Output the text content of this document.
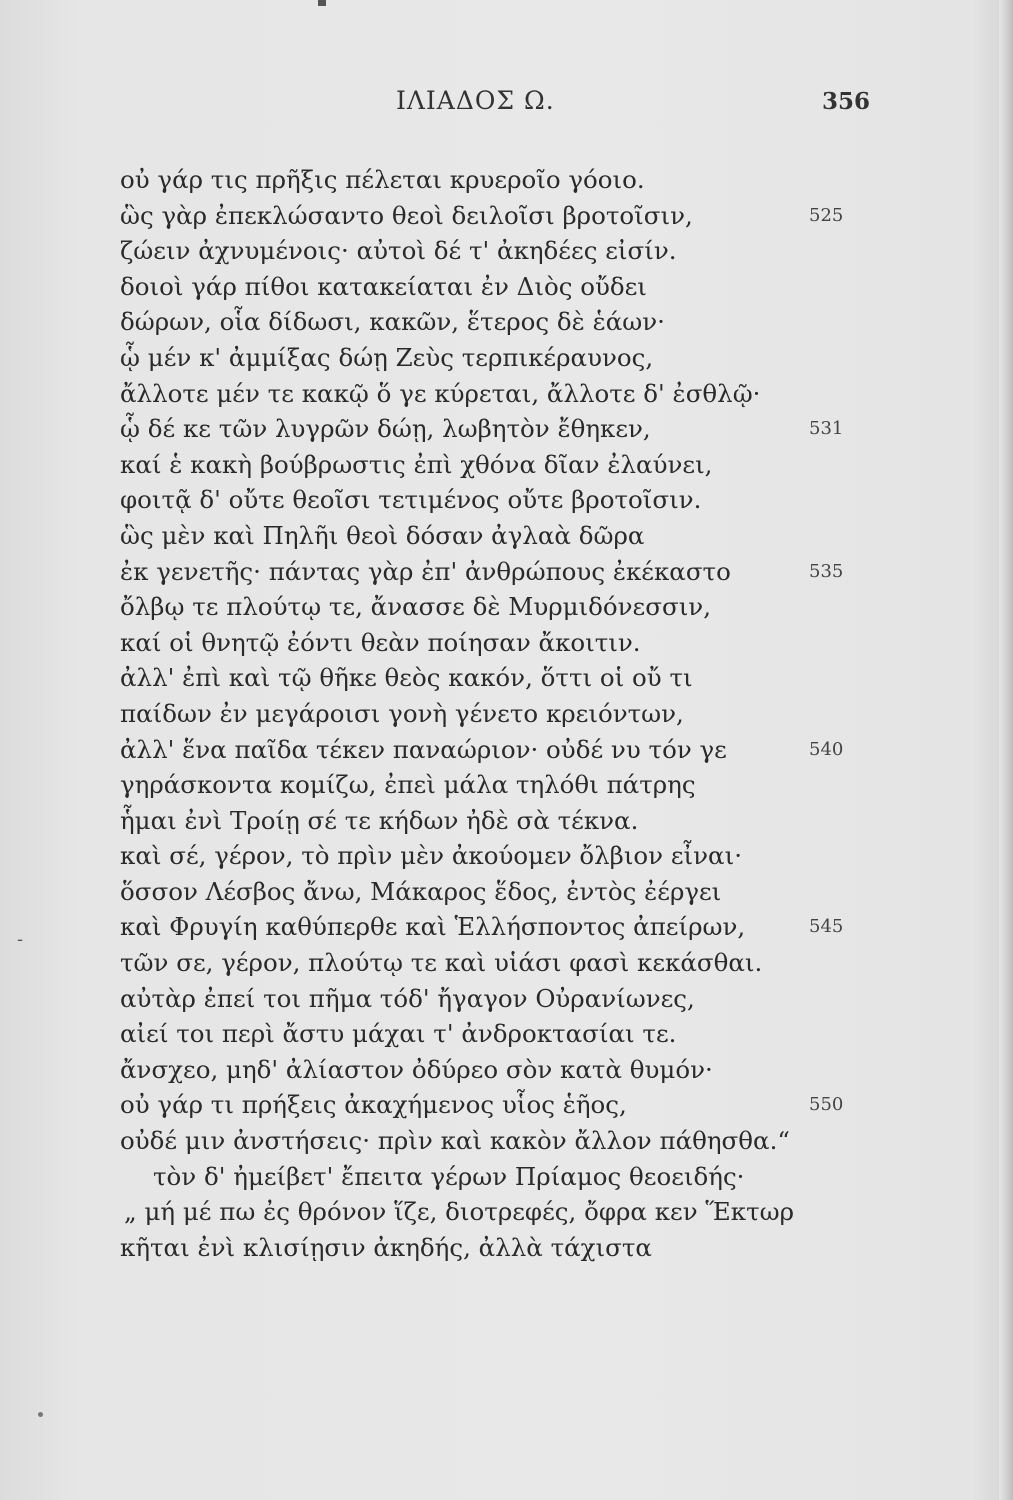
ΙΛΙΑΔΟΣ Ω.	356
οὐ γάρ τις πρῆξις πέλεται κρυεροῖο γόοιο.
ὣς γὰρ ἐπεκλώσαντο θεοὶ δειλοῖσι βροτοῖσιν,	525
ζώειν ἀχνυμένοις· αὐτοὶ δέ τ' ἀκηδέες εἰσίν.
δοιοὶ γάρ πίθοι κατακείαται ἐν Διὸς οὔδει
δώρων, οἷα δίδωσι, κακῶν, ἕτερος δὲ ἑάων·
ᾧ μέν κ' ἀμμίξας δώῃ Ζεὺς τερπικέραυνος,
ἄλλοτε μέν τε κακῷ ὅ γε κύρεται, ἄλλοτε δ' ἐσθλῷ·
ᾧ δέ κε τῶν λυγρῶν δώῃ, λωβητὸν ἔθηκεν,	531
καί ἑ κακὴ βούβρωστις ἐπὶ χθόνα δῖαν ἐλαύνει,
φοιτᾷ δ' οὔτε θεοῖσι τετιμένος οὔτε βροτοῖσιν.
ὣς μὲν καὶ Πηλῆι θεοὶ δόσαν ἀγλαὰ δῶρα
ἐκ γενετῆς· πάντας γὰρ ἐπ' ἀνθρώπους ἐκέκαστο	535
ὄλβῳ τε πλούτῳ τε, ἄνασσε δὲ Μυρμιδόνεσσιν,
καί οἱ θνητῷ ἐόντι θεὰν ποίησαν ἄκοιτιν.
ἀλλ' ἐπὶ καὶ τῷ θῆκε θεὸς κακόν, ὅττι οἱ οὔ τι
παίδων ἐν μεγάροισι γονὴ γένετο κρειόντων,
ἀλλ' ἕνα παῖδα τέκεν παναώριον· οὐδέ νυ τόν γε	540
γηράσκοντα κομίζω, ἐπεὶ μάλα τηλόθι πάτρης
ἧμαι ἐνὶ Τροίῃ σέ τε κήδων ἠδὲ σὰ τέκνα.
καὶ σέ, γέρον, τὸ πρὶν μὲν ἀκούομεν ὄλβιον εἶναι·
ὅσσον Λέσβος ἄνω, Μάκαρος ἕδος, ἐντὸς ἐέργει
καὶ Φρυγίη καθύπερθε καὶ Ἑλλήσποντος ἀπείρων,	545
τῶν σε, γέρον, πλούτῳ τε καὶ υἱάσι φασὶ κεκάσθαι.
αὐτὰρ ἐπεί τοι πῆμα τόδ' ἤγαγον Οὐρανίωνες,
αἰεί τοι περὶ ἄστυ μάχαι τ' ἀνδροκτασίαι τε.
ἄνσχεο, μηδ' ἀλίαστον ὀδύρεο σὸν κατὰ θυμόν·
οὐ γάρ τι πρήξεις ἀκαχήμενος υἷος ἑῆος,	550
οὐδέ μιν ἀνστήσεις· πρὶν καὶ κακὸν ἄλλον πάθησθα.“
τὸν δ' ἠμείβετ' ἔπειτα γέρων Πρίαμος θεοειδής·
„ μή μέ πω ἐς θρόνον ἵζε, διοτρεφές, ὄφρα κεν Ἕκτωρ
κῆται ἐνὶ κλισίῃσιν ἀκηδής, ἀλλὰ τάχιστα
-
